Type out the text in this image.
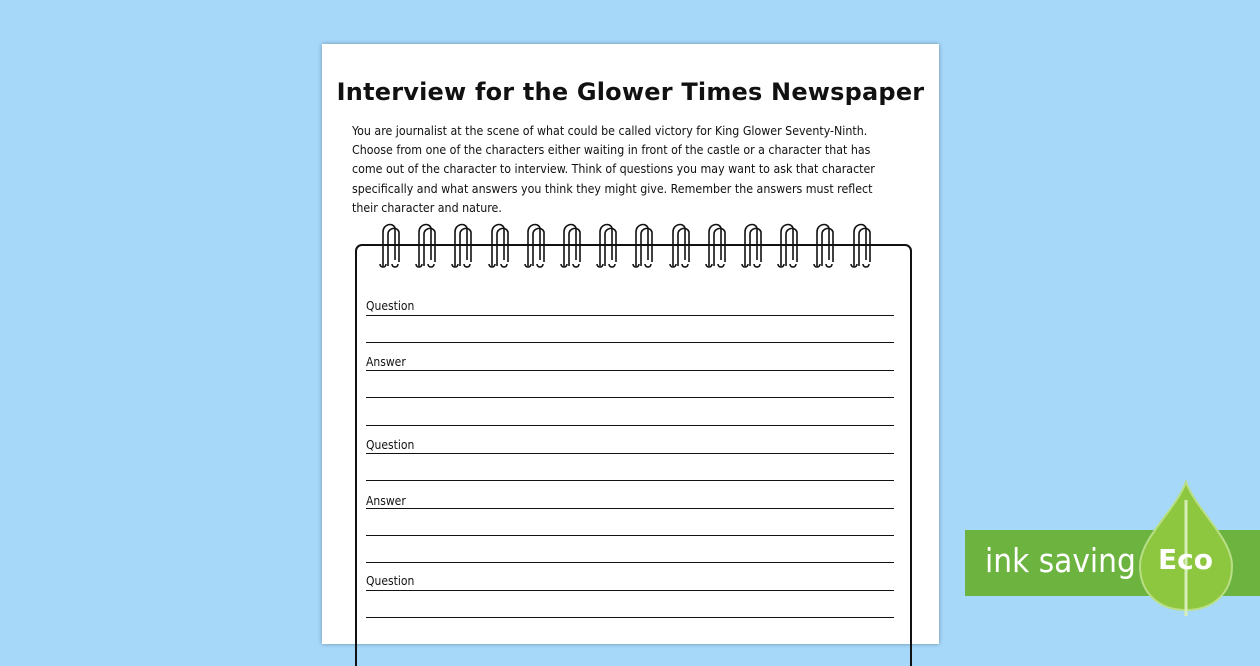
Interview for the Glower Times Newspaper
You are journalist at the scene of what could be called victory for King Glower Seventy-Ninth.
Choose from one of the characters either waiting in front of the castle or a character that has
come out of the character to interview. Think of questions you may want to ask that character
specifically and what answers you think they might give. Remember the answers must reflect
their character and nature.
Question
Answer
Question
Answer
Question
ink saving Eco
